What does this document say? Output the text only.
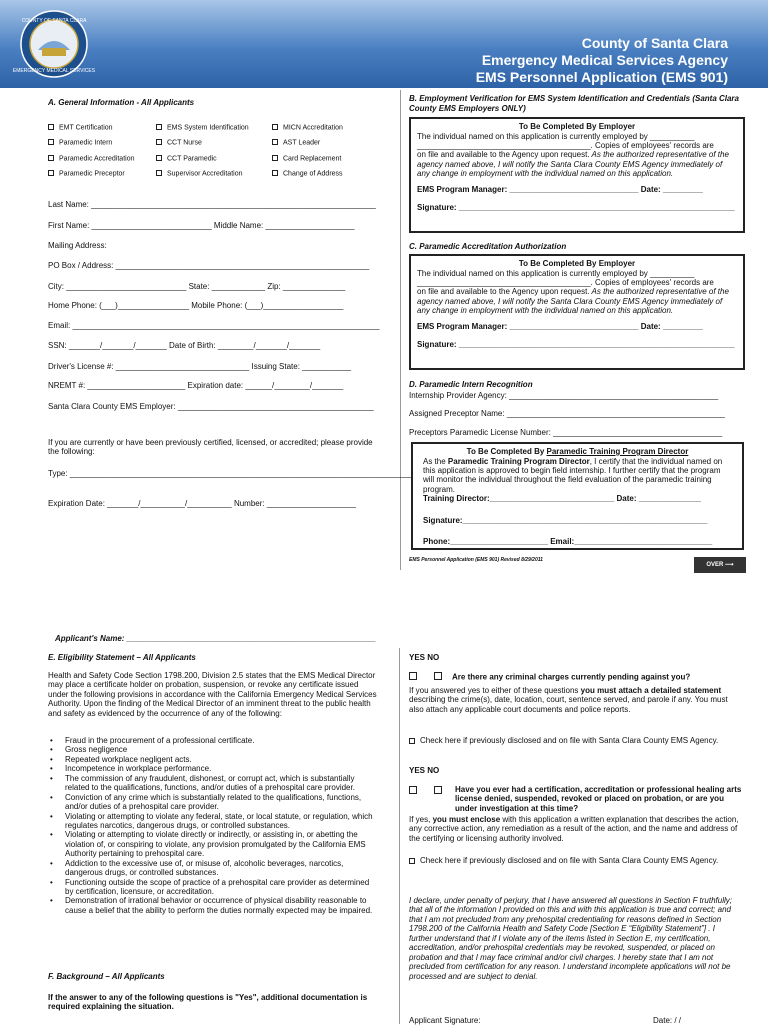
COUNTY OF SANTA CLARA
EMERGENCY MEDICAL SERVICES
County of Santa Clara
Emergency Medical Services Agency
EMS Personnel Application (EMS 901)
A. General Information - All Applicants
EMT Certification	EMS System Identification	MICN Accreditation
Paramedic Intern	CCT Nurse	AST Leader
Paramedic Accreditation	CCT Paramedic	Card Replacement
Paramedic Preceptor	Supervisor Accreditation	Change of Address
Last Name: ________________________________________________________________
First Name: ___________________________ Middle Name: ____________________
Mailing Address:
PO Box / Address: _________________________________________________________
City: ___________________________ State: ____________ Zip: ______________
Home Phone: (___)________________ Mobile Phone: (___)__________________
Email: _____________________________________________________________________
SSN: _______/_______/_______ Date of Birth: ________/_______/_______
Driver's License #: ______________________________ Issuing State: ___________
NREMT #: ______________________ Expiration date: ______/________/_______
Santa Clara County EMS Employer: ____________________________________________
If you are currently or have been previously certified, licensed, or accredited; please provide the following:
Type: _____________________________________________________________________________
Expiration Date: _______/__________/__________ Number: ____________________
B. Employment Verification for EMS System Identification and Credentials (Santa Clara County EMS Employers ONLY)
To Be Completed By Employer
The individual named on this application is currently employed by __________
_______________________________________. Copies of employees' records are
on file and available to the Agency upon request. As the authorized representative of the agency named above, I will notify the Santa Clara County EMS Agency immediately of any change in employment with the individual named on this application.
EMS Program Manager: _____________________________ Date: _________
Signature: ______________________________________________________________
C. Paramedic Accreditation Authorization
To Be Completed By Employer
The individual named on this application is currently employed by __________
_______________________________________. Copies of employees' records are
on file and available to the Agency upon request. As the authorized representative of the agency named above, I will notify the Santa Clara County EMS Agency immediately of any change in employment with the individual named on this application.
EMS Program Manager: _____________________________ Date: _________
Signature: ______________________________________________________________
D. Paramedic Intern Recognition
Internship Provider Agency: _______________________________________________
Assigned Preceptor Name: _________________________________________________
Preceptors Paramedic License Number: ______________________________________
To Be Completed By Paramedic Training Program Director
As the Paramedic Training Program Director, I certify that the individual named on this application is approved to begin field internship. I further certify that the program will monitor the individual throughout the field evaluation of the paramedic training program.
Training Director:____________________________ Date: ______________
Signature:_______________________________________________________
Phone:______________________ Email:_______________________________
EMS Personnel Application (EMS 901) Revised 8/29/2011
OVER ⟶
Applicant's Name: ________________________________________________________
E. Eligibility Statement – All Applicants
Health and Safety Code Section 1798.200, Division 2.5 states that the EMS Medical Director may place a certificate holder on probation, suspension, or revoke any certificate issued under the following provisions in accordance with the California Emergency Medical Services Authority. Upon the finding of the Medical Director of an imminent threat to the public health and safety as evidenced by the occurrence of any of the following:
• Fraud in the procurement of a professional certificate.
• Gross negligence
• Repeated workplace negligent acts.
• Incompetence in workplace performance.
• The commission of any fraudulent, dishonest, or corrupt act, which is substantially related to the qualifications, functions, and/or duties of a prehospital care provider.
• Conviction of any crime which is substantially related to the qualifications, functions, and/or duties of a prehospital care provider.
• Violating or attempting to violate any federal, state, or local statute, or regulation, which regulates narcotics, dangerous drugs, or controlled substances.
• Violating or attempting to violate directly or indirectly, or assisting in, or abetting the violation of, or conspiring to violate, any provision promulgated by the California EMS Authority pertaining to prehospital care.
• Addiction to the excessive use of, or misuse of, alcoholic beverages, narcotics, dangerous drugs, or controlled substances.
• Functioning outside the scope of practice of a prehospital care provider as determined by certification, licensure, or accreditation.
• Demonstration of irrational behavior or occurrence of physical disability reasonable to cause a belief that the ability to perform the duties normally expected may be impaired.
F. Background – All Applicants
If the answer to any of the following questions is "Yes", additional documentation is required explaining the situation.
YES NO
Are there any criminal charges currently pending against you?
If you answered yes to either of these questions you must attach a detailed statement describing the crime(s), date, location, court, sentence served, and parole if any. You must also attach any applicable court documents and police reports.
Check here if previously disclosed and on file with Santa Clara County EMS Agency.
YES NO
Have you ever had a certification, accreditation or professional healing arts license denied, suspended, revoked or placed on probation, or are you under investigation at this time?
If yes, you must enclose with this application a written explanation that describes the action, any corrective action, any remediation as a result of the action, and the name and address of the certifying or licensing authority involved.
Check here if previously disclosed and on file with Santa Clara County EMS Agency.
I declare, under penalty of perjury, that I have answered all questions in Section F truthfully; that all of the information I provided on this and with this application is true and correct; and that I am not precluded from any prehospital credentialing for reasons defined in Section 1798.200 of the California Health and Safety Code [Section E “Eligibility Statement”] . I further understand that if I violate any of the items listed in Section E, my certification, accreditation, and/or prehospital credentials may be revoked, suspended, or placed on probation and that I may face criminal and/or civil charges. I hereby state that I am not precluded from certification for any reason. I understand incomplete applications will not be processed and are subject to denial.
Applicant Signature:	Date: / /
